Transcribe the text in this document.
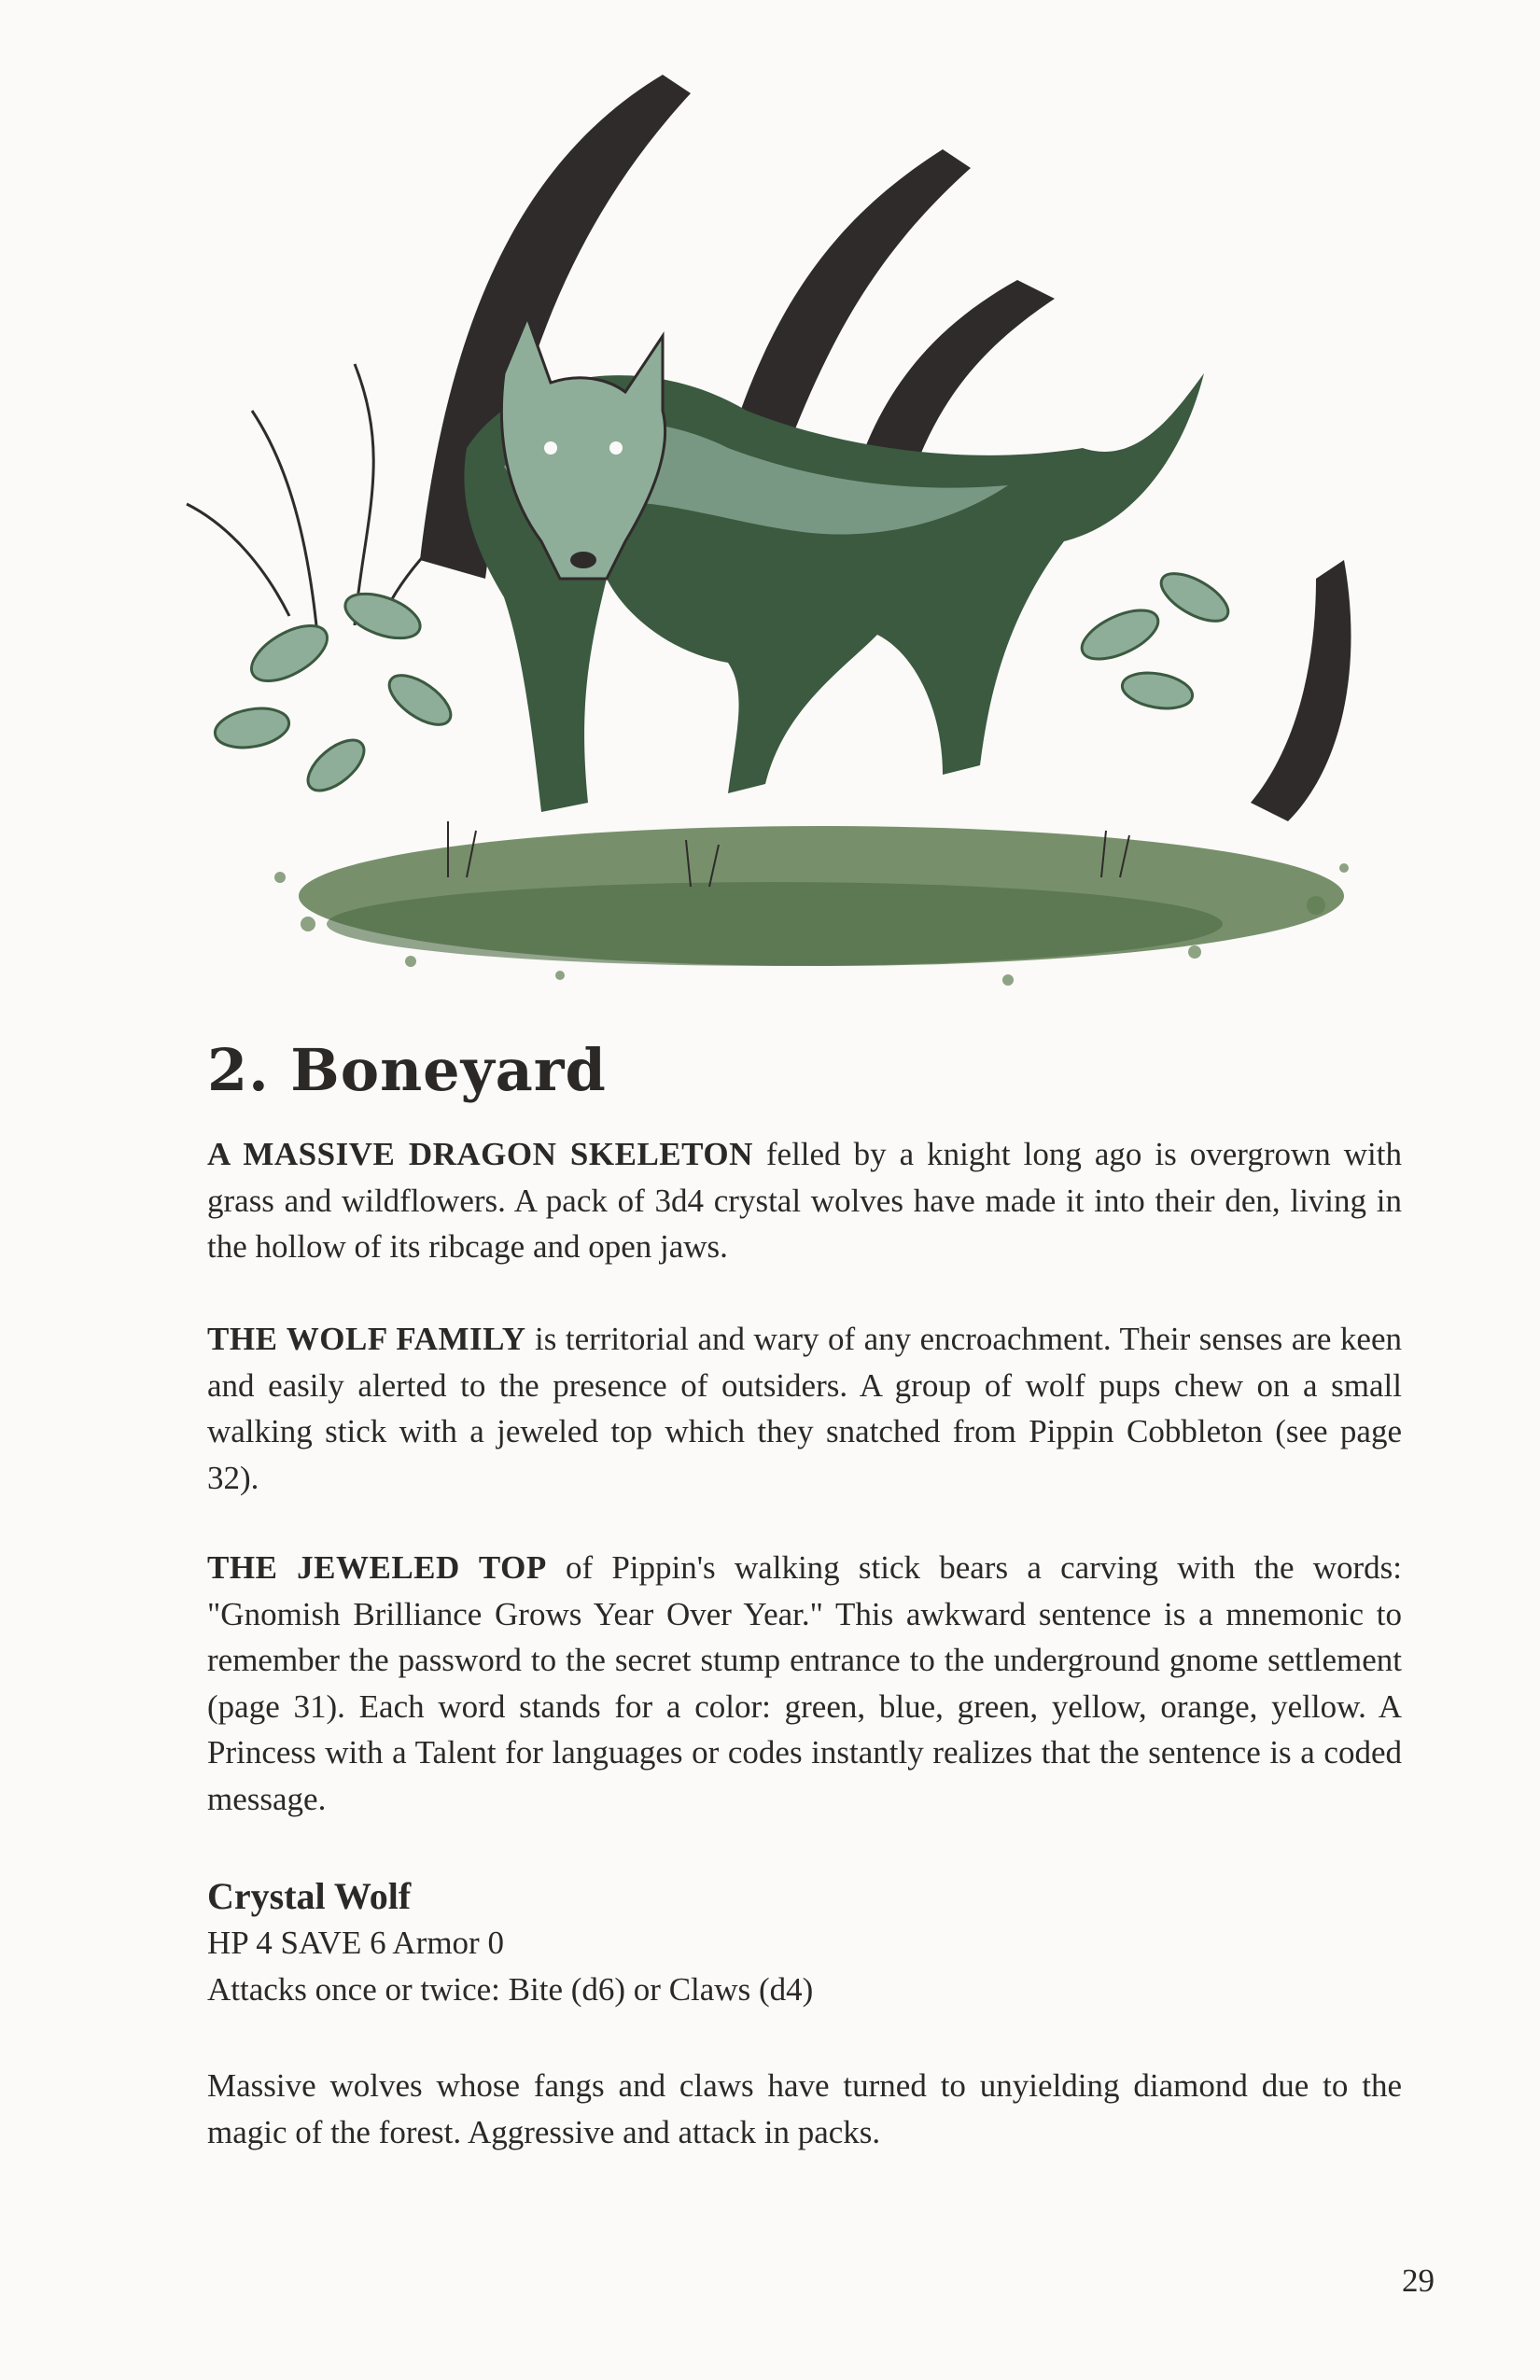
2. Boneyard

A MASSIVE DRAGON SKELETON felled by a knight long ago is overgrown with grass and wildflowers. A pack of 3d4 crystal wolves have made it into their den, living in the hollow of its ribcage and open jaws.

THE WOLF FAMILY is territorial and wary of any encroachment. Their senses are keen and easily alerted to the presence of outsiders. A group of wolf pups chew on a small walking stick with a jeweled top which they snatched from Pippin Cobbleton (see page 32).

THE JEWELED TOP of Pippin's walking stick bears a carving with the words: "Gnomish Brilliance Grows Year Over Year." This awkward sentence is a mnemonic to remember the password to the secret stump entrance to the underground gnome settlement (page 31). Each word stands for a color: green, blue, green, yellow, orange, yellow. A Princess with a Talent for languages or codes instantly realizes that the sentence is a coded message.

Crystal Wolf

HP 4 SAVE 6 Armor 0

Attacks once or twice: Bite (d6) or Claws (d4)

Massive wolves whose fangs and claws have turned to unyielding diamond due to the magic of the forest. Aggressive and attack in packs.

29
